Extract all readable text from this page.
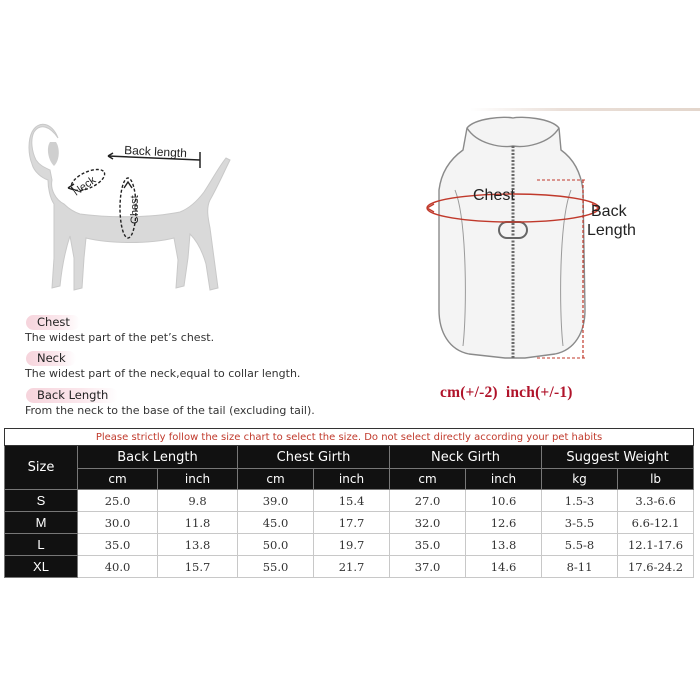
Back length
Neck
Chest
Chest
The widest part of the pet’s chest.
Neck
The widest part of the neck,equal to collar length.
Back Length
From the neck to the base of the tail (excluding tail).
Chest
Back
Length
cm(+/-2) inch(+/-1)
Please strictly follow the size chart to select the size. Do not select directly according your pet habits								
Size	Back Length		Chest Girth		Neck Girth		Suggest Weight	
	cm	inch	cm	inch	cm	inch	kg	lb
S	25.0	9.8	39.0	15.4	27.0	10.6	1.5-3	3.3-6.6
M	30.0	11.8	45.0	17.7	32.0	12.6	3-5.5	6.6-12.1
L	35.0	13.8	50.0	19.7	35.0	13.8	5.5-8	12.1-17.6
XL	40.0	15.7	55.0	21.7	37.0	14.6	8-11	17.6-24.2
